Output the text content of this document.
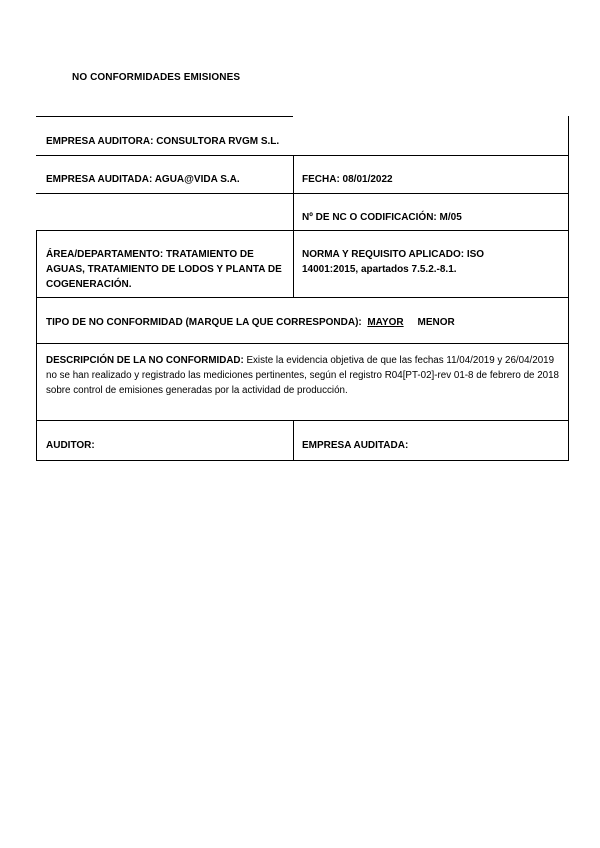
NO CONFORMIDADES EMISIONES
EMPRESA AUDITORA: CONSULTORA RVGM S.L.
EMPRESA AUDITADA: AGUA@VIDA S.A.	FECHA: 08/01/2022
Nº DE NC O CODIFICACIÓN: M/05
ÁREA/DEPARTAMENTO: TRATAMIENTO DE AGUAS, TRATAMIENTO DE LODOS Y PLANTA DE COGENERACIÓN.
NORMA Y REQUISITO APLICADO: ISO 14001:2015, apartados 7.5.2.-8.1.
TIPO DE NO CONFORMIDAD (MARQUE LA QUE CORRESPONDA): MAYOR MENOR
DESCRIPCIÓN DE LA NO CONFORMIDAD: Existe la evidencia objetiva de que las fechas 11/04/2019 y 26/04/2019 no se han realizado y registrado las mediciones pertinentes, según el registro R04[PT-02]-rev 01-8 de febrero de 2018 sobre control de emisiones generadas por la actividad de producción.
AUDITOR:	EMPRESA AUDITADA:
